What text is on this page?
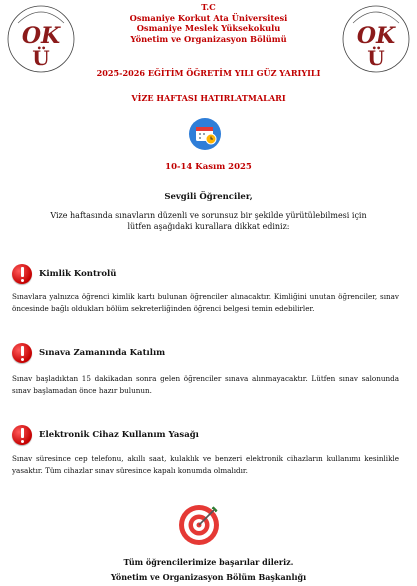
OK
Ü
OK
Ü
T.C
Osmaniye Korkut Ata Üniversitesi
Osmaniye Meslek Yüksekokulu
Yönetim ve Organizasyon Bölümü
2025-2026 EĞİTİM ÖĞRETİM YILI GÜZ YARIYILI
VİZE HAFTASI HATIRLATMALARI
10-14 Kasım 2025
Sevgili Öğrenciler,
Vize haftasında sınavların düzenli ve sorunsuz bir şekilde yürütülebilmesi için lütfen aşağıdaki kurallara dikkat ediniz:
Kimlik Kontrolü
Sınavlara yalnızca öğrenci kimlik kartı bulunan öğrenciler alınacaktır. Kimliğini unutan öğrenciler, sınav öncesinde bağlı oldukları bölüm sekreterliğinden öğrenci belgesi temin edebilirler.
Sınava Zamanında Katılım
Sınav başladıktan 15 dakikadan sonra gelen öğrenciler sınava alınmayacaktır. Lütfen sınav salonunda sınav başlamadan önce hazır bulunun.
Elektronik Cihaz Kullanım Yasağı
Sınav süresince cep telefonu, akıllı saat, kulaklık ve benzeri elektronik cihazların kullanımı kesinlikle yasaktır. Tüm cihazlar sınav süresince kapalı konumda olmalıdır.
Tüm öğrencilerimize başarılar dileriz.
Yönetim ve Organizasyon Bölüm Başkanlığı
